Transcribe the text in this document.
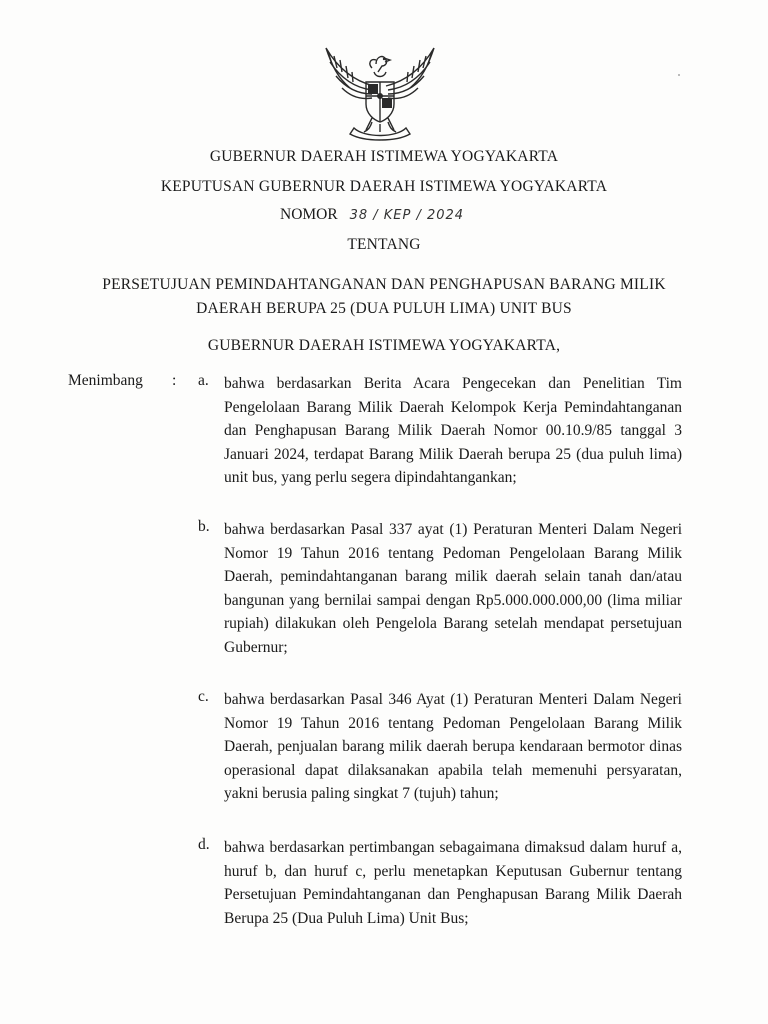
GUBERNUR DAERAH ISTIMEWA YOGYAKARTA
KEPUTUSAN GUBERNUR DAERAH ISTIMEWA YOGYAKARTA
NOMOR 38 / KEP / 2024
TENTANG
PERSETUJUAN PEMINDAHTANGANAN DAN PENGHAPUSAN BARANG MILIK
DAERAH BERUPA 25 (DUA PULUH LIMA) UNIT BUS
GUBERNUR DAERAH ISTIMEWA YOGYAKARTA,
Menimbang : a. bahwa berdasarkan Berita Acara Pengecekan dan Penelitian Tim Pengelolaan Barang Milik Daerah Kelompok Kerja Pemindahtanganan dan Penghapusan Barang Milik Daerah Nomor 00.10.9/85 tanggal 3 Januari 2024, terdapat Barang Milik Daerah berupa 25 (dua puluh lima) unit bus, yang perlu segera dipindahtangankan;
b. bahwa berdasarkan Pasal 337 ayat (1) Peraturan Menteri Dalam Negeri Nomor 19 Tahun 2016 tentang Pedoman Pengelolaan Barang Milik Daerah, pemindahtanganan barang milik daerah selain tanah dan/atau bangunan yang bernilai sampai dengan Rp5.000.000.000,00 (lima miliar rupiah) dilakukan oleh Pengelola Barang setelah mendapat persetujuan Gubernur;
c. bahwa berdasarkan Pasal 346 Ayat (1) Peraturan Menteri Dalam Negeri Nomor 19 Tahun 2016 tentang Pedoman Pengelolaan Barang Milik Daerah, penjualan barang milik daerah berupa kendaraan bermotor dinas operasional dapat dilaksanakan apabila telah memenuhi persyaratan, yakni berusia paling singkat 7 (tujuh) tahun;
d. bahwa berdasarkan pertimbangan sebagaimana dimaksud dalam huruf a, huruf b, dan huruf c, perlu menetapkan Keputusan Gubernur tentang Persetujuan Pemindahtanganan dan Penghapusan Barang Milik Daerah Berupa 25 (Dua Puluh Lima) Unit Bus;
